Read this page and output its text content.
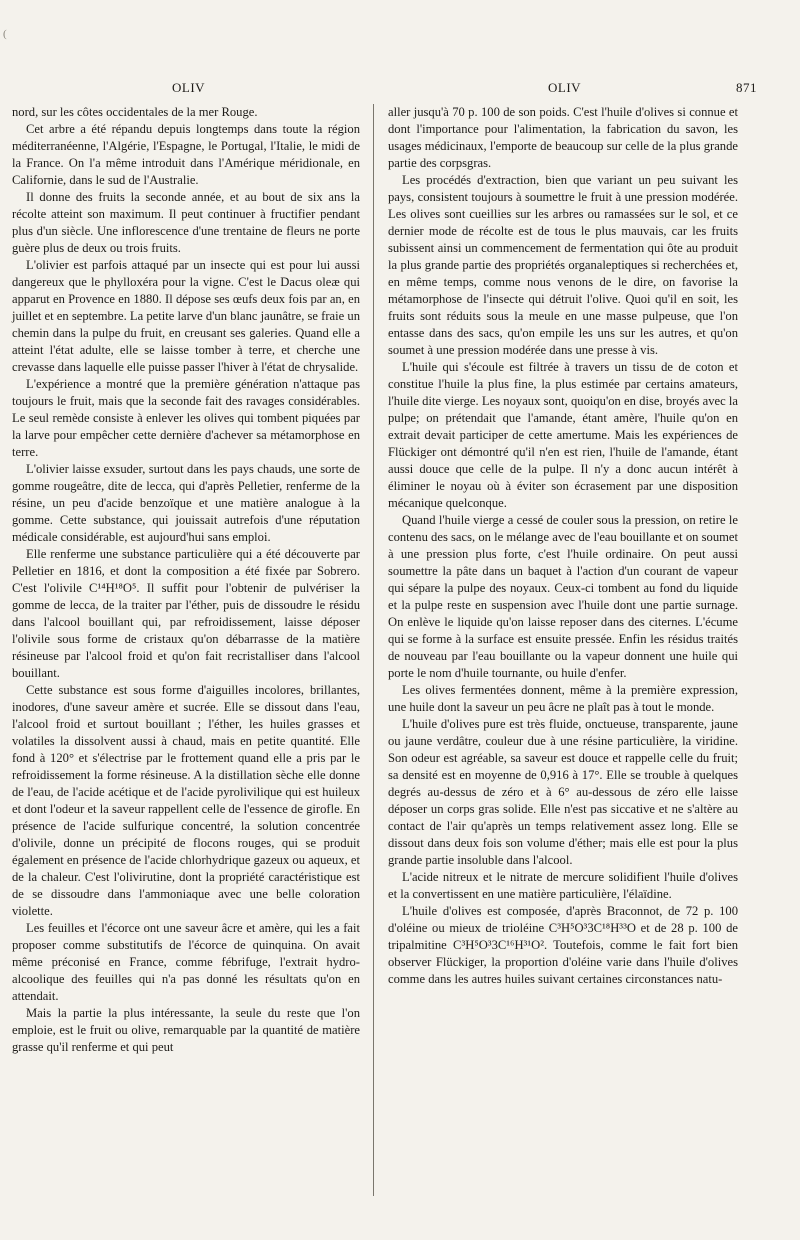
(
OLIV	OLIV	871

nord, sur les côtes occidentales de la mer Rouge.

Cet arbre a été répandu depuis longtemps dans toute la région méditerranéenne, l'Algérie, l'Espagne, le Portugal, l'Italie, le midi de la France. On l'a même introduit dans l'Amérique méridionale, en Californie, dans le sud de l'Australie.

Il donne des fruits la seconde année, et au bout de six ans la récolte atteint son maximum. Il peut continuer à fructifier pendant plus d'un siècle. Une inflorescence d'une trentaine de fleurs ne porte guère plus de deux ou trois fruits.

L'olivier est parfois attaqué par un insecte qui est pour lui aussi dangereux que le phylloxéra pour la vigne. C'est le Dacus oleæ qui apparut en Provence en 1880. Il dépose ses œufs deux fois par an, en juillet et en septembre. La petite larve d'un blanc jaunâtre, se fraie un chemin dans la pulpe du fruit, en creusant ses galeries. Quand elle a atteint l'état adulte, elle se laisse tomber à terre, et cherche une crevasse dans laquelle elle puisse passer l'hiver à l'état de chrysalide.

L'expérience a montré que la première génération n'attaque pas toujours le fruit, mais que la seconde fait des ravages considérables. Le seul remède consiste à enlever les olives qui tombent piquées par la larve pour empêcher cette dernière d'achever sa métamorphose en terre.

L'olivier laisse exsuder, surtout dans les pays chauds, une sorte de gomme rougeâtre, dite de lecca, qui d'après Pelletier, renferme de la résine, un peu d'acide benzoïque et une matière analogue à la gomme. Cette substance, qui jouissait autrefois d'une réputation médicale considérable, est aujourd'hui sans emploi.

Elle renferme une substance particulière qui a été découverte par Pelletier en 1816, et dont la composition a été fixée par Sobrero. C'est l'olivile C¹⁴H¹⁸O⁵. Il suffit pour l'obtenir de pulvériser la gomme de lecca, de la traiter par l'éther, puis de dissoudre le résidu dans l'alcool bouillant qui, par refroidissement, laisse déposer l'olivile sous forme de cristaux qu'on débarrasse de la matière résineuse par l'alcool froid et qu'on fait recristalliser dans l'alcool bouillant.

Cette substance est sous forme d'aiguilles incolores, brillantes, inodores, d'une saveur amère et sucrée. Elle se dissout dans l'eau, l'alcool froid et surtout bouillant ; l'éther, les huiles grasses et volatiles la dissolvent aussi à chaud, mais en petite quantité. Elle fond à 120° et s'électrise par le frottement quand elle a pris par le refroidissement la forme résineuse. A la distillation sèche elle donne de l'eau, de l'acide acétique et de l'acide pyrolivilique qui est huileux et dont l'odeur et la saveur rappellent celle de l'essence de girofle. En présence de l'acide sulfurique concentré, la solution concentrée d'olivile, donne un précipité de flocons rouges, qui se produit également en présence de l'acide chlorhydrique gazeux ou aqueux, et de la chaleur. C'est l'olivirutine, dont la propriété caractéristique est de se dissoudre dans l'ammoniaque avec une belle coloration violette.

Les feuilles et l'écorce ont une saveur âcre et amère, qui les a fait proposer comme substitutifs de l'écorce de quinquina. On avait même préconisé en France, comme fébrifuge, l'extrait hydro-alcoolique des feuilles qui n'a pas donné les résultats qu'on en attendait.

Mais la partie la plus intéressante, la seule du reste que l'on emploie, est le fruit ou olive, remarquable par la quantité de matière grasse qu'il renferme et qui peut

aller jusqu'à 70 p. 100 de son poids. C'est l'huile d'olives si connue et dont l'importance pour l'alimentation, la fabrication du savon, les usages médicinaux, l'emporte de beaucoup sur celle de la plus grande partie des corpsgras.

Les procédés d'extraction, bien que variant un peu suivant les pays, consistent toujours à soumettre le fruit à une pression modérée. Les olives sont cueillies sur les arbres ou ramassées sur le sol, et ce dernier mode de récolte est de tous le plus mauvais, car les fruits subissent ainsi un commencement de fermentation qui ôte au produit la plus grande partie des propriétés organaleptiques si recherchées et, en même temps, comme nous venons de le dire, on favorise la métamorphose de l'insecte qui détruit l'olive. Quoi qu'il en soit, les fruits sont réduits sous la meule en une masse pulpeuse, que l'on entasse dans des sacs, qu'on empile les uns sur les autres, et qu'on soumet à une pression modérée dans une presse à vis.

L'huile qui s'écoule est filtrée à travers un tissu de de coton et constitue l'huile la plus fine, la plus estimée par certains amateurs, l'huile dite vierge. Les noyaux sont, quoiqu'on en dise, broyés avec la pulpe; on prétendait que l'amande, étant amère, l'huile qu'on en extrait devait participer de cette amertume. Mais les expériences de Flückiger ont démontré qu'il n'en est rien, l'huile de l'amande, étant aussi douce que celle de la pulpe. Il n'y a donc aucun intérêt à éliminer le noyau où à éviter son écrasement par une disposition mécanique quelconque.

Quand l'huile vierge a cessé de couler sous la pression, on retire le contenu des sacs, on le mélange avec de l'eau bouillante et on soumet à une pression plus forte, c'est l'huile ordinaire. On peut aussi soumettre la pâte dans un baquet à l'action d'un courant de vapeur qui sépare la pulpe des noyaux. Ceux-ci tombent au fond du liquide et la pulpe reste en suspension avec l'huile dont une partie surnage. On enlève le liquide qu'on laisse reposer dans des citernes. L'écume qui se forme à la surface est ensuite pressée. Enfin les résidus traités de nouveau par l'eau bouillante ou la vapeur donnent une huile qui porte le nom d'huile tournante, ou huile d'enfer.

Les olives fermentées donnent, même à la première expression, une huile dont la saveur un peu âcre ne plaît pas à tout le monde.

L'huile d'olives pure est très fluide, onctueuse, transparente, jaune ou jaune verdâtre, couleur due à une résine particulière, la viridine. Son odeur est agréable, sa saveur est douce et rappelle celle du fruit; sa densité est en moyenne de 0,916 à 17°. Elle se trouble à quelques degrés au-dessus de zéro et à 6° au-dessous de zéro elle laisse déposer un corps gras solide. Elle n'est pas siccative et ne s'altère au contact de l'air qu'après un temps relativement assez long. Elle se dissout dans deux fois son volume d'éther; mais elle est pour la plus grande partie insoluble dans l'alcool.

L'acide nitreux et le nitrate de mercure solidifient l'huile d'olives et la convertissent en une matière particulière, l'élaïdine.

L'huile d'olives est composée, d'après Braconnot, de 72 p. 100 d'oléine ou mieux de trioléine C³H⁵O³3C¹⁸H³³O et de 28 p. 100 de tripalmitine C³H⁵O³3C¹⁶H³¹O². Toutefois, comme le fait fort bien observer Flückiger, la proportion d'oléine varie dans l'huile d'olives comme dans les autres huiles suivant certaines circonstances natu-
